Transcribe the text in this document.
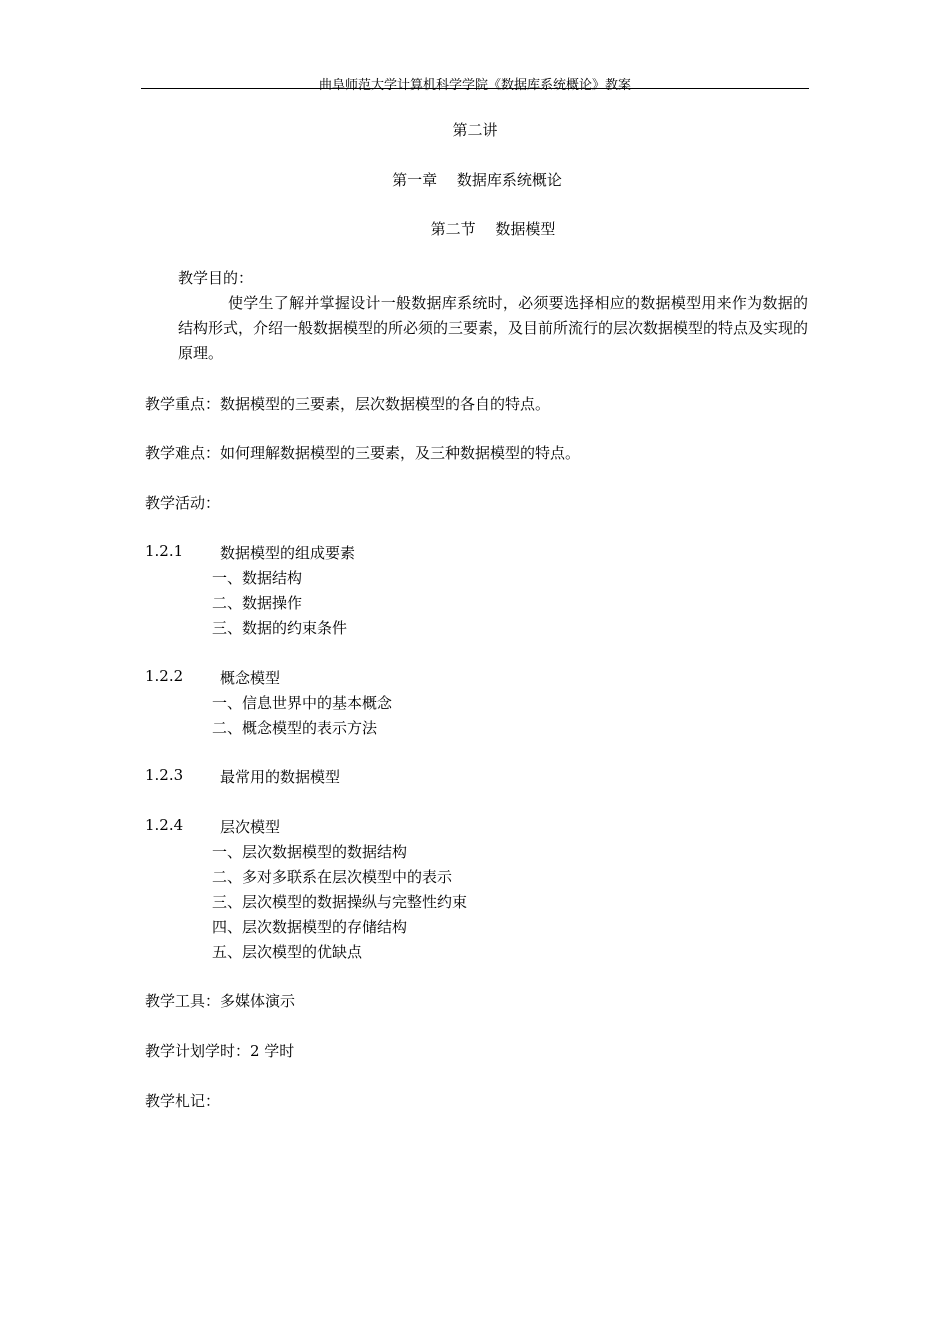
曲阜师范大学计算机科学学院《数据库系统概论》教案
第二讲
第一章　 数据库系统概论
第二节　 数据模型
教学目的：
使学生了解并掌握设计一般数据库系统时，必须要选择相应的数据模型用来作为数据的结构形式，介绍一般数据模型的所必须的三要素，及目前所流行的层次数据模型的特点及实现的原理。
教学重点：数据模型的三要素，层次数据模型的各自的特点。
教学难点：如何理解数据模型的三要素，及三种数据模型的特点。
教学活动：
1.2.1 数据模型的组成要素
一、数据结构
二、数据操作
三、数据的约束条件
1.2.2 概念模型
一、信息世界中的基本概念
二、概念模型的表示方法
1.2.3 最常用的数据模型
1.2.4 层次模型
一、层次数据模型的数据结构
二、多对多联系在层次模型中的表示
三、层次模型的数据操纵与完整性约束
四、层次数据模型的存储结构
五、层次模型的优缺点
教学工具：多媒体演示
教学计划学时：2 学时
教学札记：
